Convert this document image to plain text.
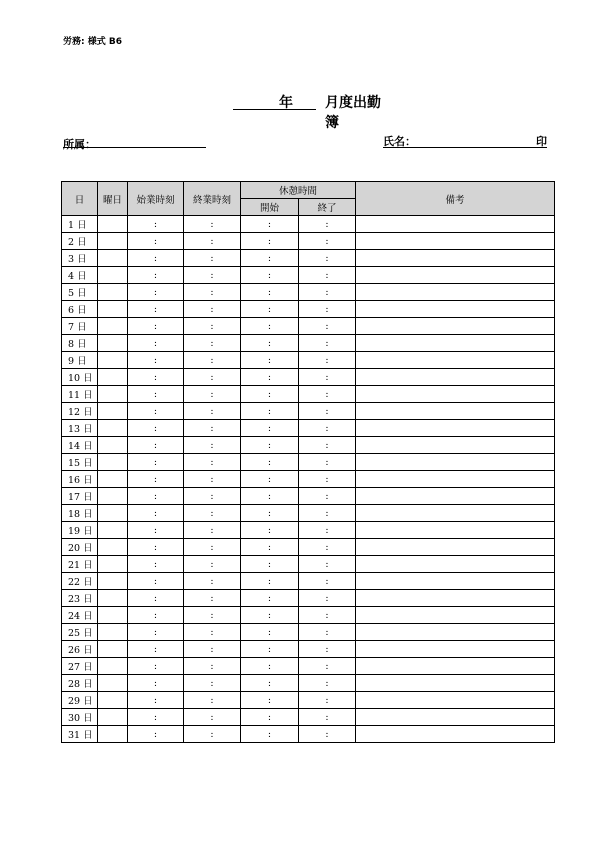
労務: 様式 B6
年 月度出勤簿
所属：	氏名：	印
日	曜日	始業時刻	終業時刻	休憩時間		備考
				開始	終了	
1 日		:	:	:	:	
2 日		:	:	:	:	
3 日		:	:	:	:	
4 日		:	:	:	:	
5 日		:	:	:	:	
6 日		:	:	:	:	
7 日		:	:	:	:	
8 日		:	:	:	:	
9 日		:	:	:	:	
10 日		:	:	:	:	
11 日		:	:	:	:	
12 日		:	:	:	:	
13 日		:	:	:	:	
14 日		:	:	:	:	
15 日		:	:	:	:	
16 日		:	:	:	:	
17 日		:	:	:	:	
18 日		:	:	:	:	
19 日		:	:	:	:	
20 日		:	:	:	:	
21 日		:	:	:	:	
22 日		:	:	:	:	
23 日		:	:	:	:	
24 日		:	:	:	:	
25 日		:	:	:	:	
26 日		:	:	:	:	
27 日		:	:	:	:	
28 日		:	:	:	:	
29 日		:	:	:	:	
30 日		:	:	:	:	
31 日		:	:	:	:	
